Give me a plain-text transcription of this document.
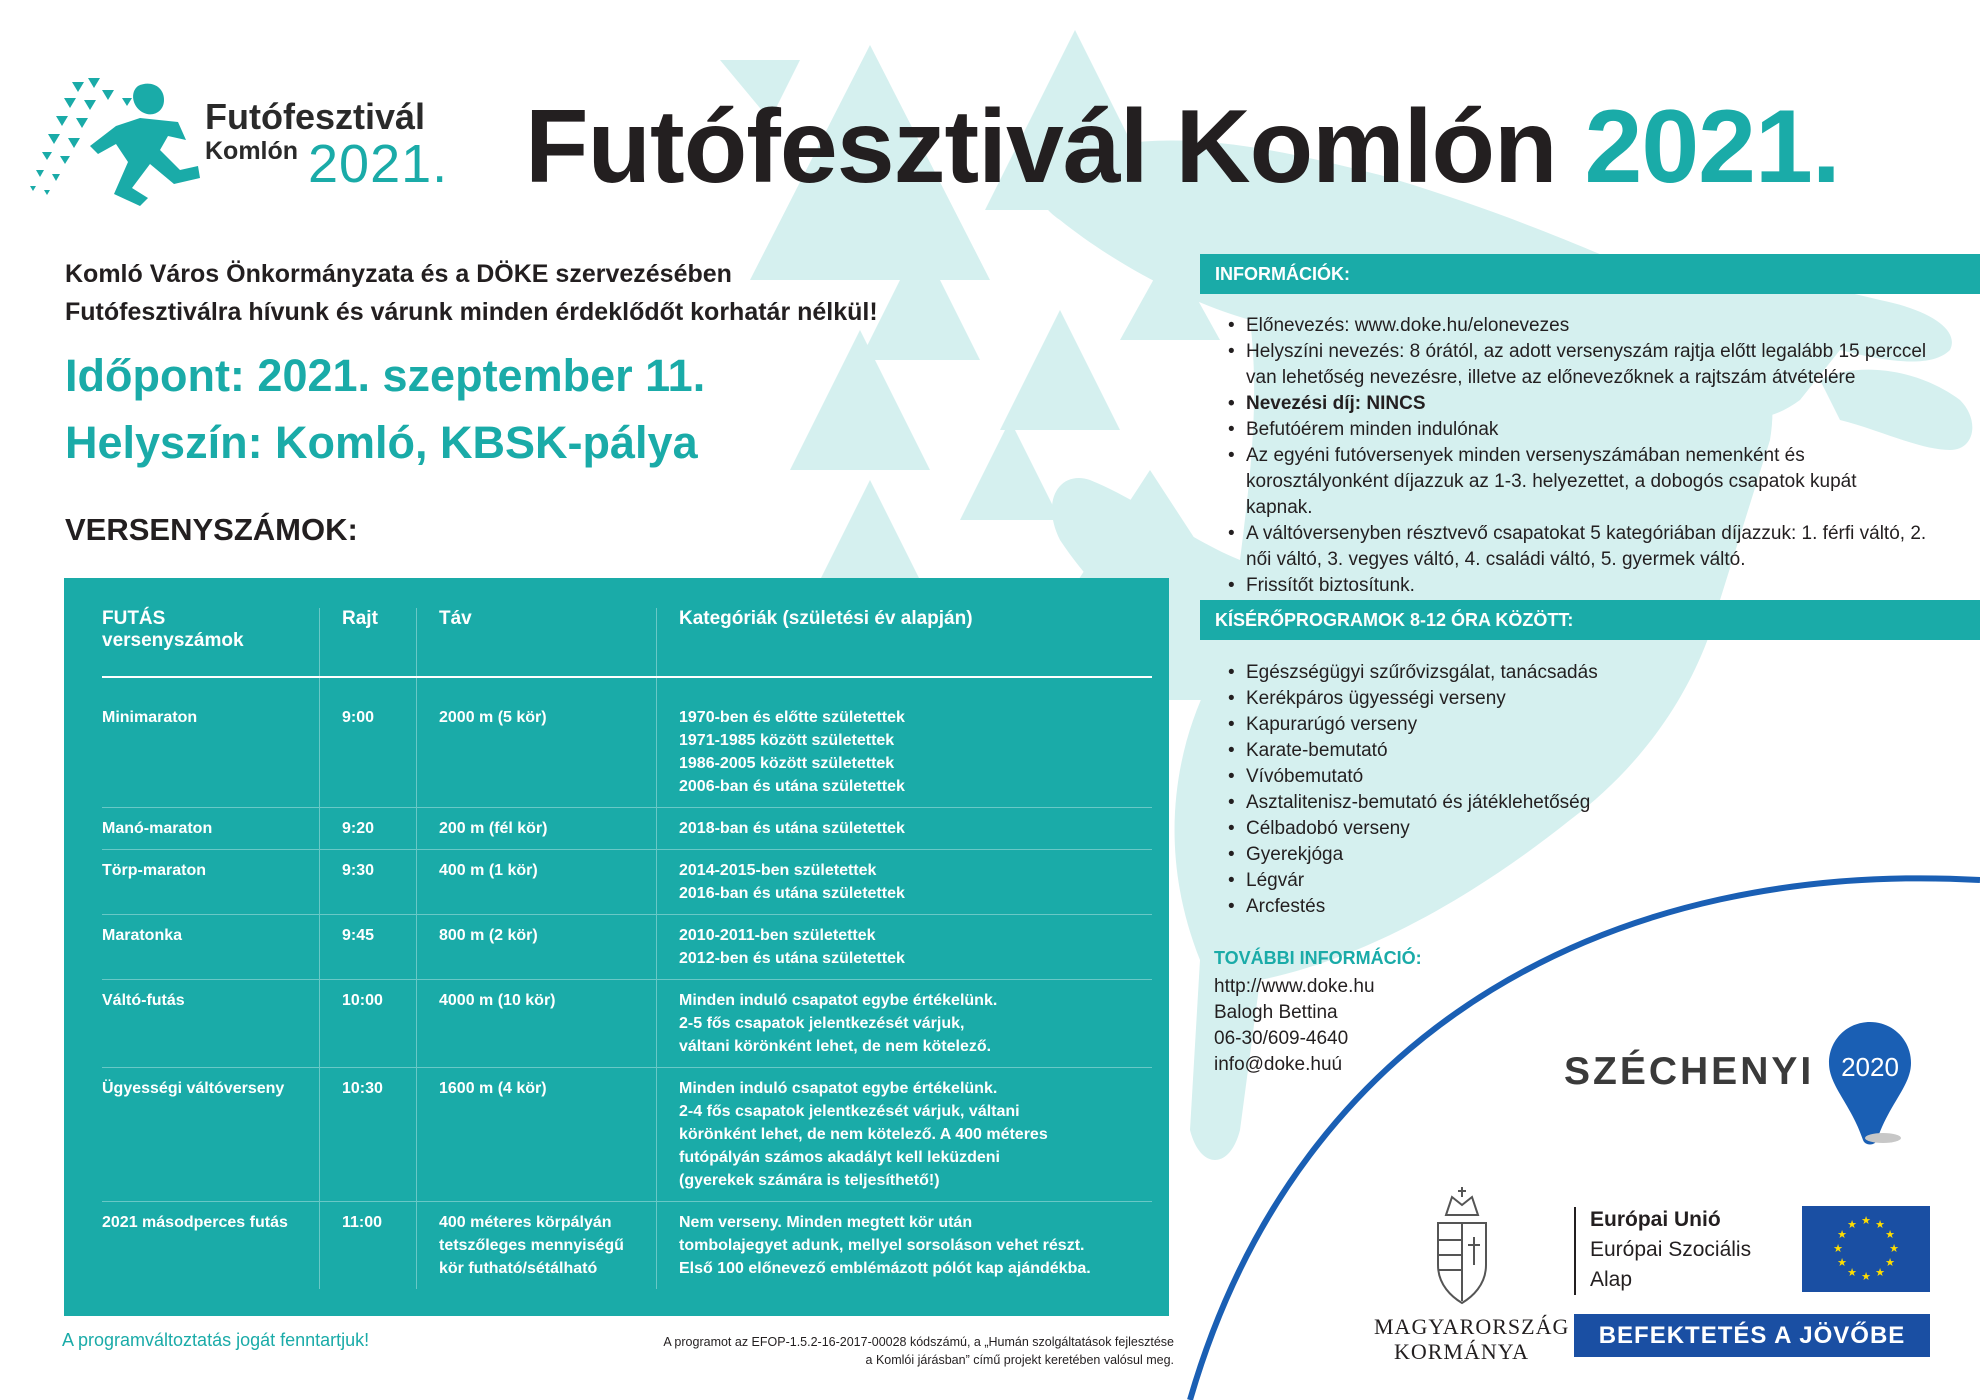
Futófesztivál
Komlón 2021. Futófesztivál Komlón 2021.
Komló Város Önkormányzata és a DÖKE szervezésében Futófesztiválra hívunk és várunk minden érdeklődőt korhatár nélkül!
Időpont: 2021. szeptember 11.
Helyszín: Komló, KBSK-pálya
VERSENYSZÁMOK:
FUTÁS versenyszámok	Rajt	Táv	Kategóriák (születési év alapján)
Minimaraton	9:00	2000 m (5 kör)	1970-ben és előtte születettek
1971-1985 között születettek
1986-2005 között születettek
2006-ban és utána születettek
Manó-maraton	9:20	200 m (fél kör)	2018-ban és utána születettek
Törp-maraton	9:30	400 m (1 kör)	2014-2015-ben születettek
2016-ban és utána születettek
Maratonka	9:45	800 m (2 kör)	2010-2011-ben születettek
2012-ben és utána születettek
Váltó-futás	10:00	4000 m (10 kör)	Minden induló csapatot egybe értékelünk.
2-5 fős csapatok jelentkezését várjuk,
váltani körönként lehet, de nem kötelező.
Ügyességi váltóverseny	10:30	1600 m (4 kör)	Minden induló csapatot egybe értékelünk.
2-4 fős csapatok jelentkezését várjuk, váltani
körönként lehet, de nem kötelező. A 400 méteres
futópályán számos akadályt kell leküzdeni
(gyerekek számára is teljesíthető!)
2021 másodperces futás	11:00	400 méteres körpályán
tetszőleges mennyiségű
kör futható/sétálható	Nem verseny. Minden megtett kör után
tombolajegyet adunk, mellyel sorsoláson vehet részt.
Első 100 előnevező emblémázott pólót kap ajándékba.
A programváltoztatás jogát fenntartjuk!	A programot az EFOP-1.5.2-16-2017-00028 kódszámú, a „Humán szolgáltatások fejlesztése a Komlói járásban” című projekt keretében valósul meg.
INFORMÁCIÓK:
• Előnevezés: www.doke.hu/elonevezes
• Helyszíni nevezés: 8 órától, az adott versenyszám rajtja előtt legalább 15 perccel van lehetőség nevezésre, illetve az előnevezőknek a rajtszám átvételére
• Nevezési díj: NINCS
• Befutóérem minden indulónak
• Az egyéni futóversenyek minden versenyszámában nemenként és korosztályonként díjazzuk az 1-3. helyezettet, a dobogós csapatok kupát kapnak.
• A váltóversenyben résztvevő csapatokat 5 kategóriában díjazzuk: 1. férfi váltó, 2. női váltó, 3. vegyes váltó, 4. családi váltó, 5. gyermek váltó.
• Frissítőt biztosítunk.
KÍSÉRŐPROGRAMOK 8-12 ÓRA KÖZÖTT:
• Egészségügyi szűrővizsgálat, tanácsadás
• Kerékpáros ügyességi verseny
• Kapurarúgó verseny
• Karate-bemutató
• Vívóbemutató
• Asztalitenisz-bemutató és játéklehetőség
• Célbadobó verseny
• Gyerekjóga
• Légvár
• Arcfestés
TOVÁBBI INFORMÁCIÓ:
http://www.doke.hu
Balogh Bettina
06-30/609-4640
info@doke.huú	SZÉCHENYI	2020
MAGYARORSZÁG
KORMÁNYA
Európai Unió
Európai Szociális
Alap
★ ★
★
★
★
★
★
★
★
★
★
★
BEFEKTETÉS A JÖVŐBE
